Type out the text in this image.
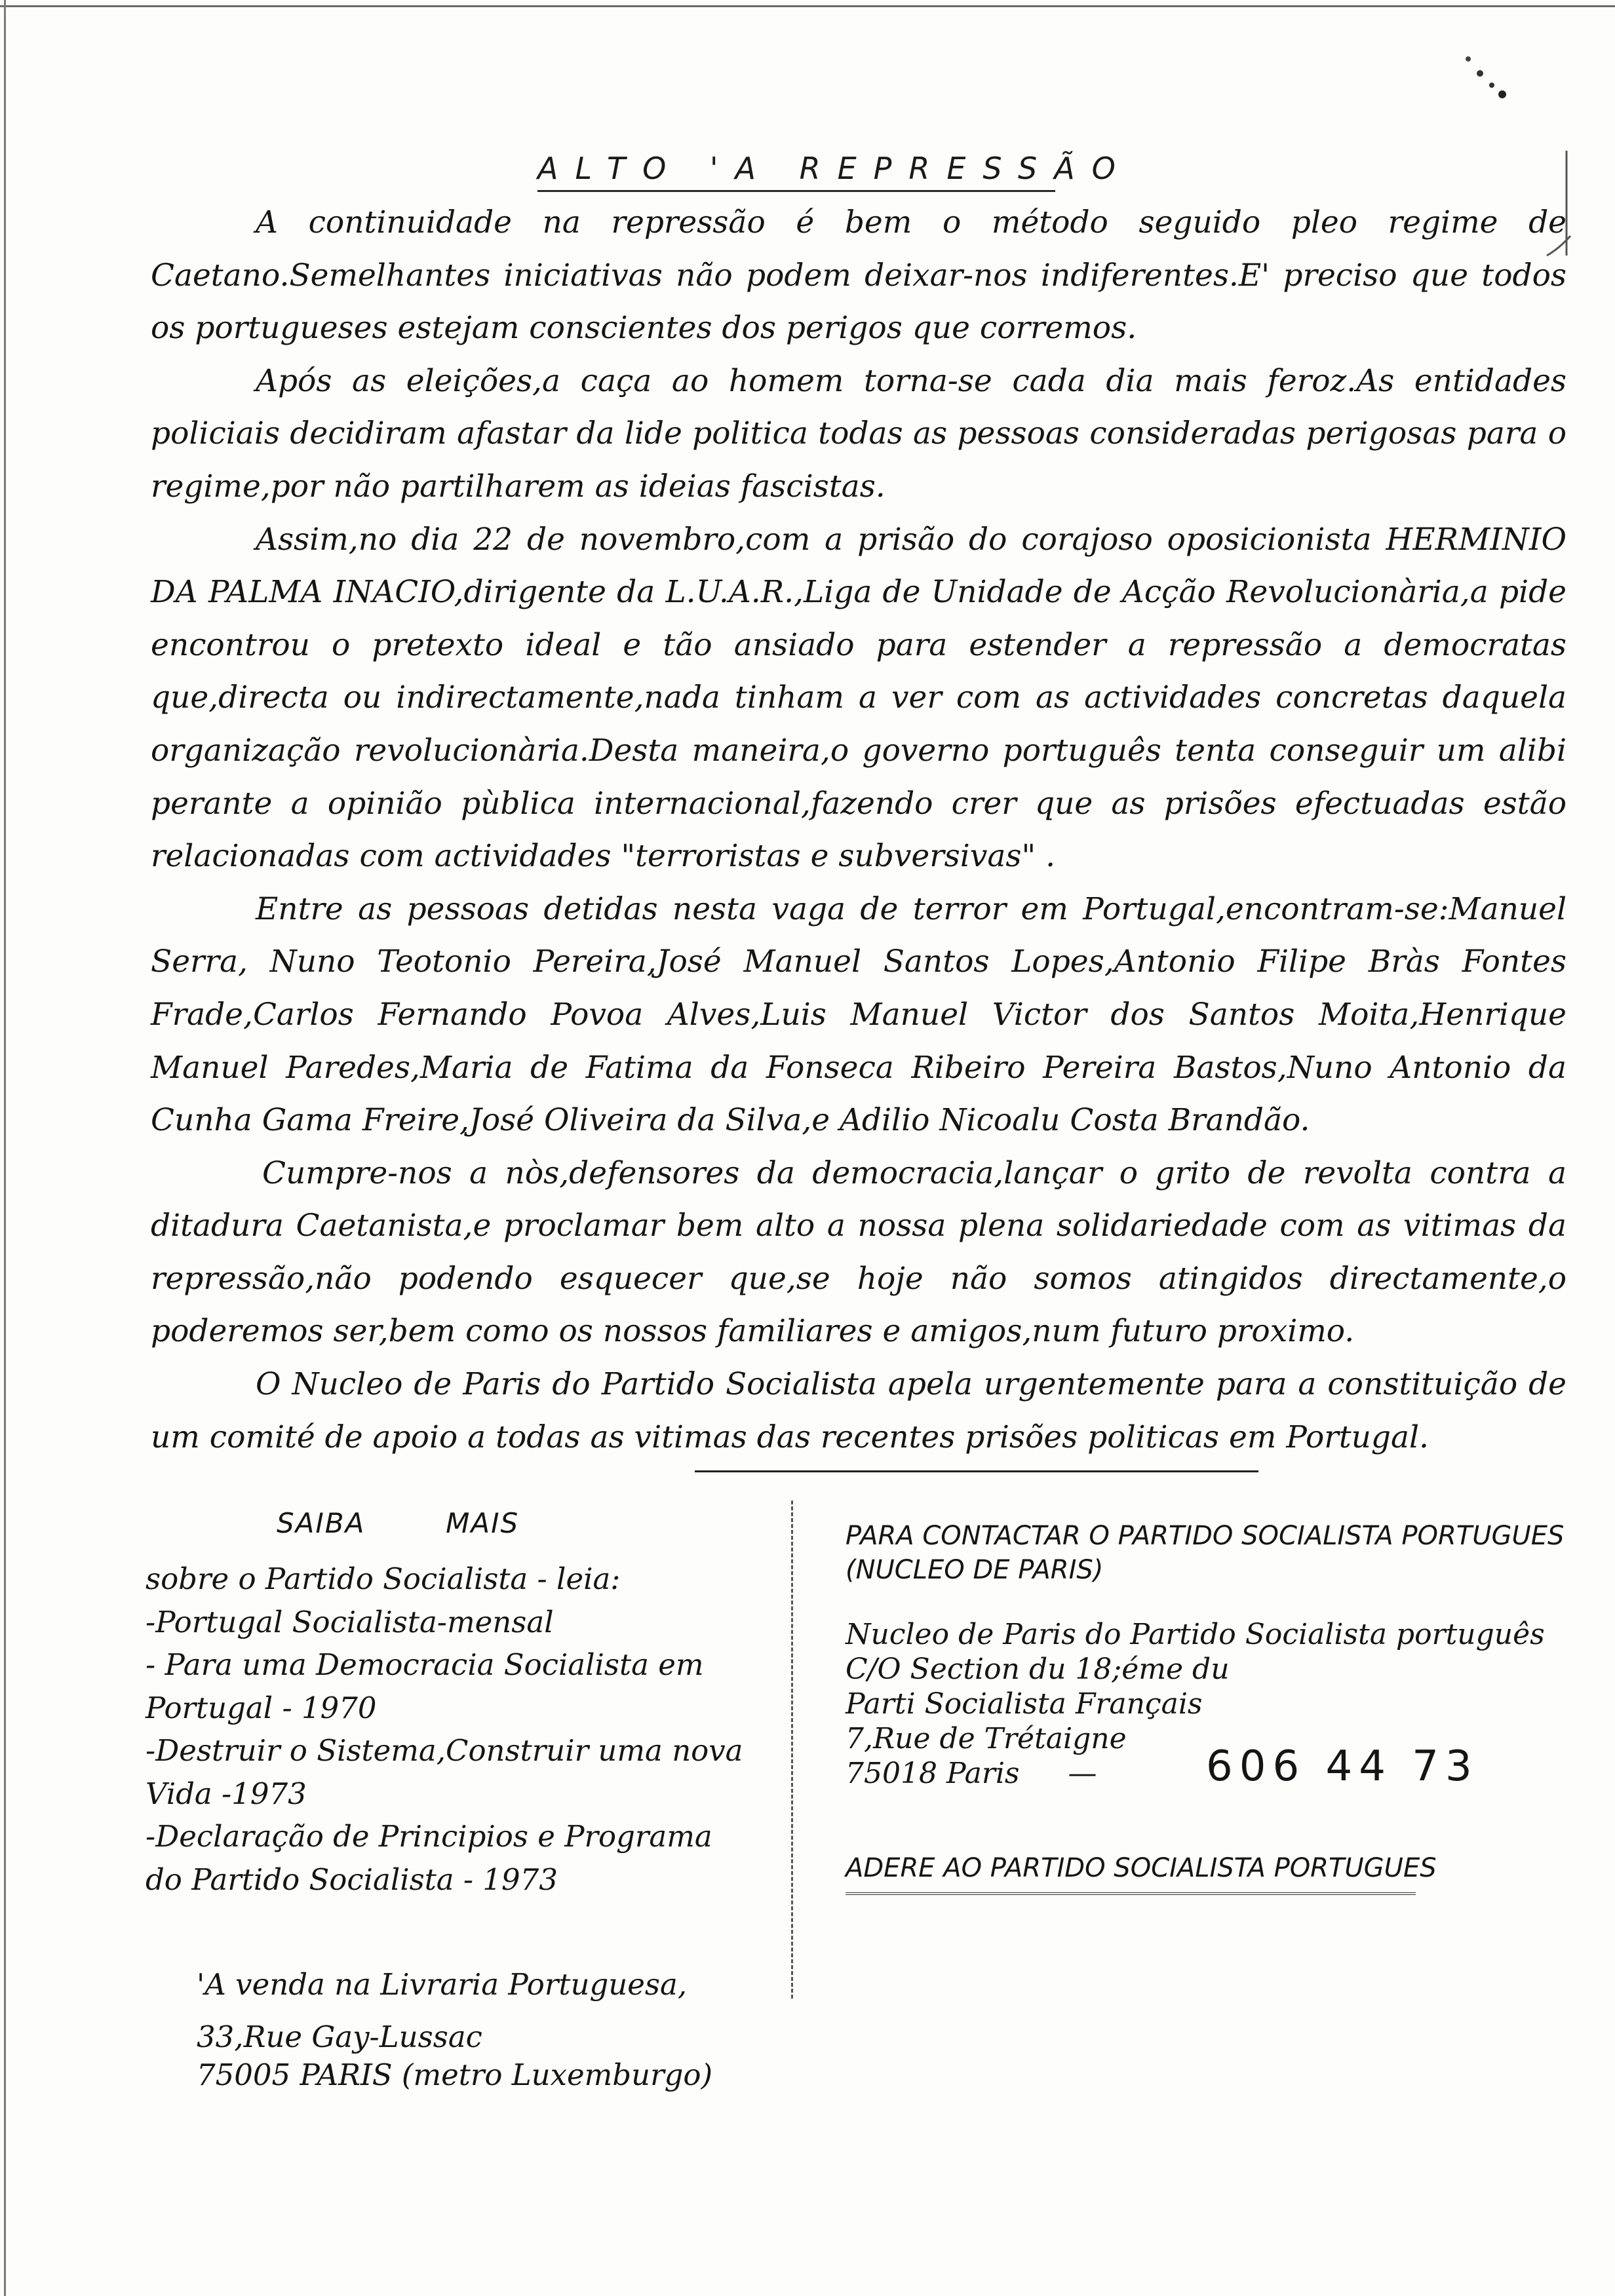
ALTO 'A REPRESSÃO

A continuidade na repressão é bem o método seguido pleo regime de Caetano.Semelhantes iniciativas não podem deixar-nos indiferentes.E' preciso que todos os portugueses estejam conscientes dos perigos que corremos.

Após as eleições,a caça ao homem torna-se cada dia mais feroz.As entidades policiais decidiram afastar da lide politica todas as pessoas consideradas perigosas para o regime,por não partilharem as ideias fascistas.

Assim,no dia 22 de novembro,com a prisão do corajoso oposicionista HERMINIO DA PALMA INACIO,dirigente da L.U.A.R.,Liga de Unidade de Acção Revolucionària,a pide encontrou o pretexto ideal e tão ansiado para estender a repressão a democratas que,directa ou indirectamente,nada tinham a ver com as actividades concretas daquela organização revolucionària.Desta maneira,o governo português tenta conseguir um alibi perante a opinião pùblica internacional,fazendo crer que as prisões efectuadas estão relacionadas com actividades "terroristas e subversivas" .

Entre as pessoas detidas nesta vaga de terror em Portugal,encontram-se:Manuel Serra, Nuno Teotonio Pereira,José Manuel Santos Lopes,Antonio Filipe Bràs Fontes Frade,Carlos Fernando Povoa Alves,Luis Manuel Victor dos Santos Moita,Henrique Manuel Paredes,Maria de Fatima da Fonseca Ribeiro Pereira Bastos,Nuno Antonio da Cunha Gama Freire,José Oliveira da Silva,e Adilio Nicoalu Costa Brandão.

Cumpre-nos a nòs,defensores da democracia,lançar o grito de revolta contra a ditadura Caetanista,e proclamar bem alto a nossa plena solidariedade com as vitimas da repressão,não podendo esquecer que,se hoje não somos atingidos directamente,o poderemos ser,bem como os nossos familiares e amigos,num futuro proximo.

O Nucleo de Paris do Partido Socialista apela urgentemente para a constituição de um comité de apoio a todas as vitimas das recentes prisões politicas em Portugal.

SAIBA	MAIS
sobre o Partido Socialista - leia:
-Portugal Socialista-mensal
- Para uma Democracia Socialista em
Portugal - 1970
-Destruir o Sistema,Construir uma nova
Vida -1973
-Declaração de Principios e Programa
do Partido Socialista - 1973
'A venda na Livraria Portuguesa,
33,Rue Gay-Lussac
75005 PARIS (metro Luxemburgo)
PARA CONTACTAR O PARTIDO SOCIALISTA PORTUGUES
(NUCLEO DE PARIS)
Nucleo de Paris do Partido Socialista português
C/O Section du 18;éme du
Parti Socialista Français
7,Rue de Trétaigne
75018 Paris —	606 44 73
ADERE AO PARTIDO SOCIALISTA PORTUGUES
